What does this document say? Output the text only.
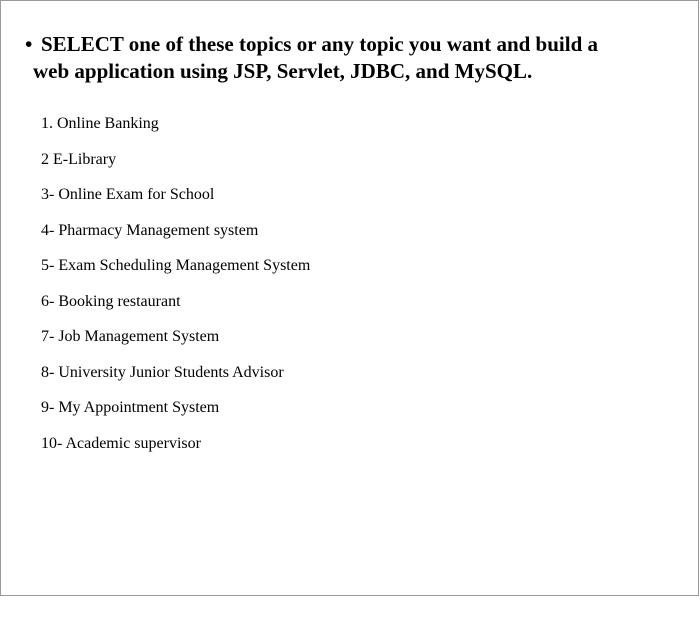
• SELECT one of these topics or any topic you want and build a
web application using JSP, Servlet, JDBC, and MySQL.
1. Online Banking
2 E-Library
3- Online Exam for School
4- Pharmacy Management system
5- Exam Scheduling Management System
6- Booking restaurant
7- Job Management System
8- University Junior Students Advisor
9- My Appointment System
10- Academic supervisor
